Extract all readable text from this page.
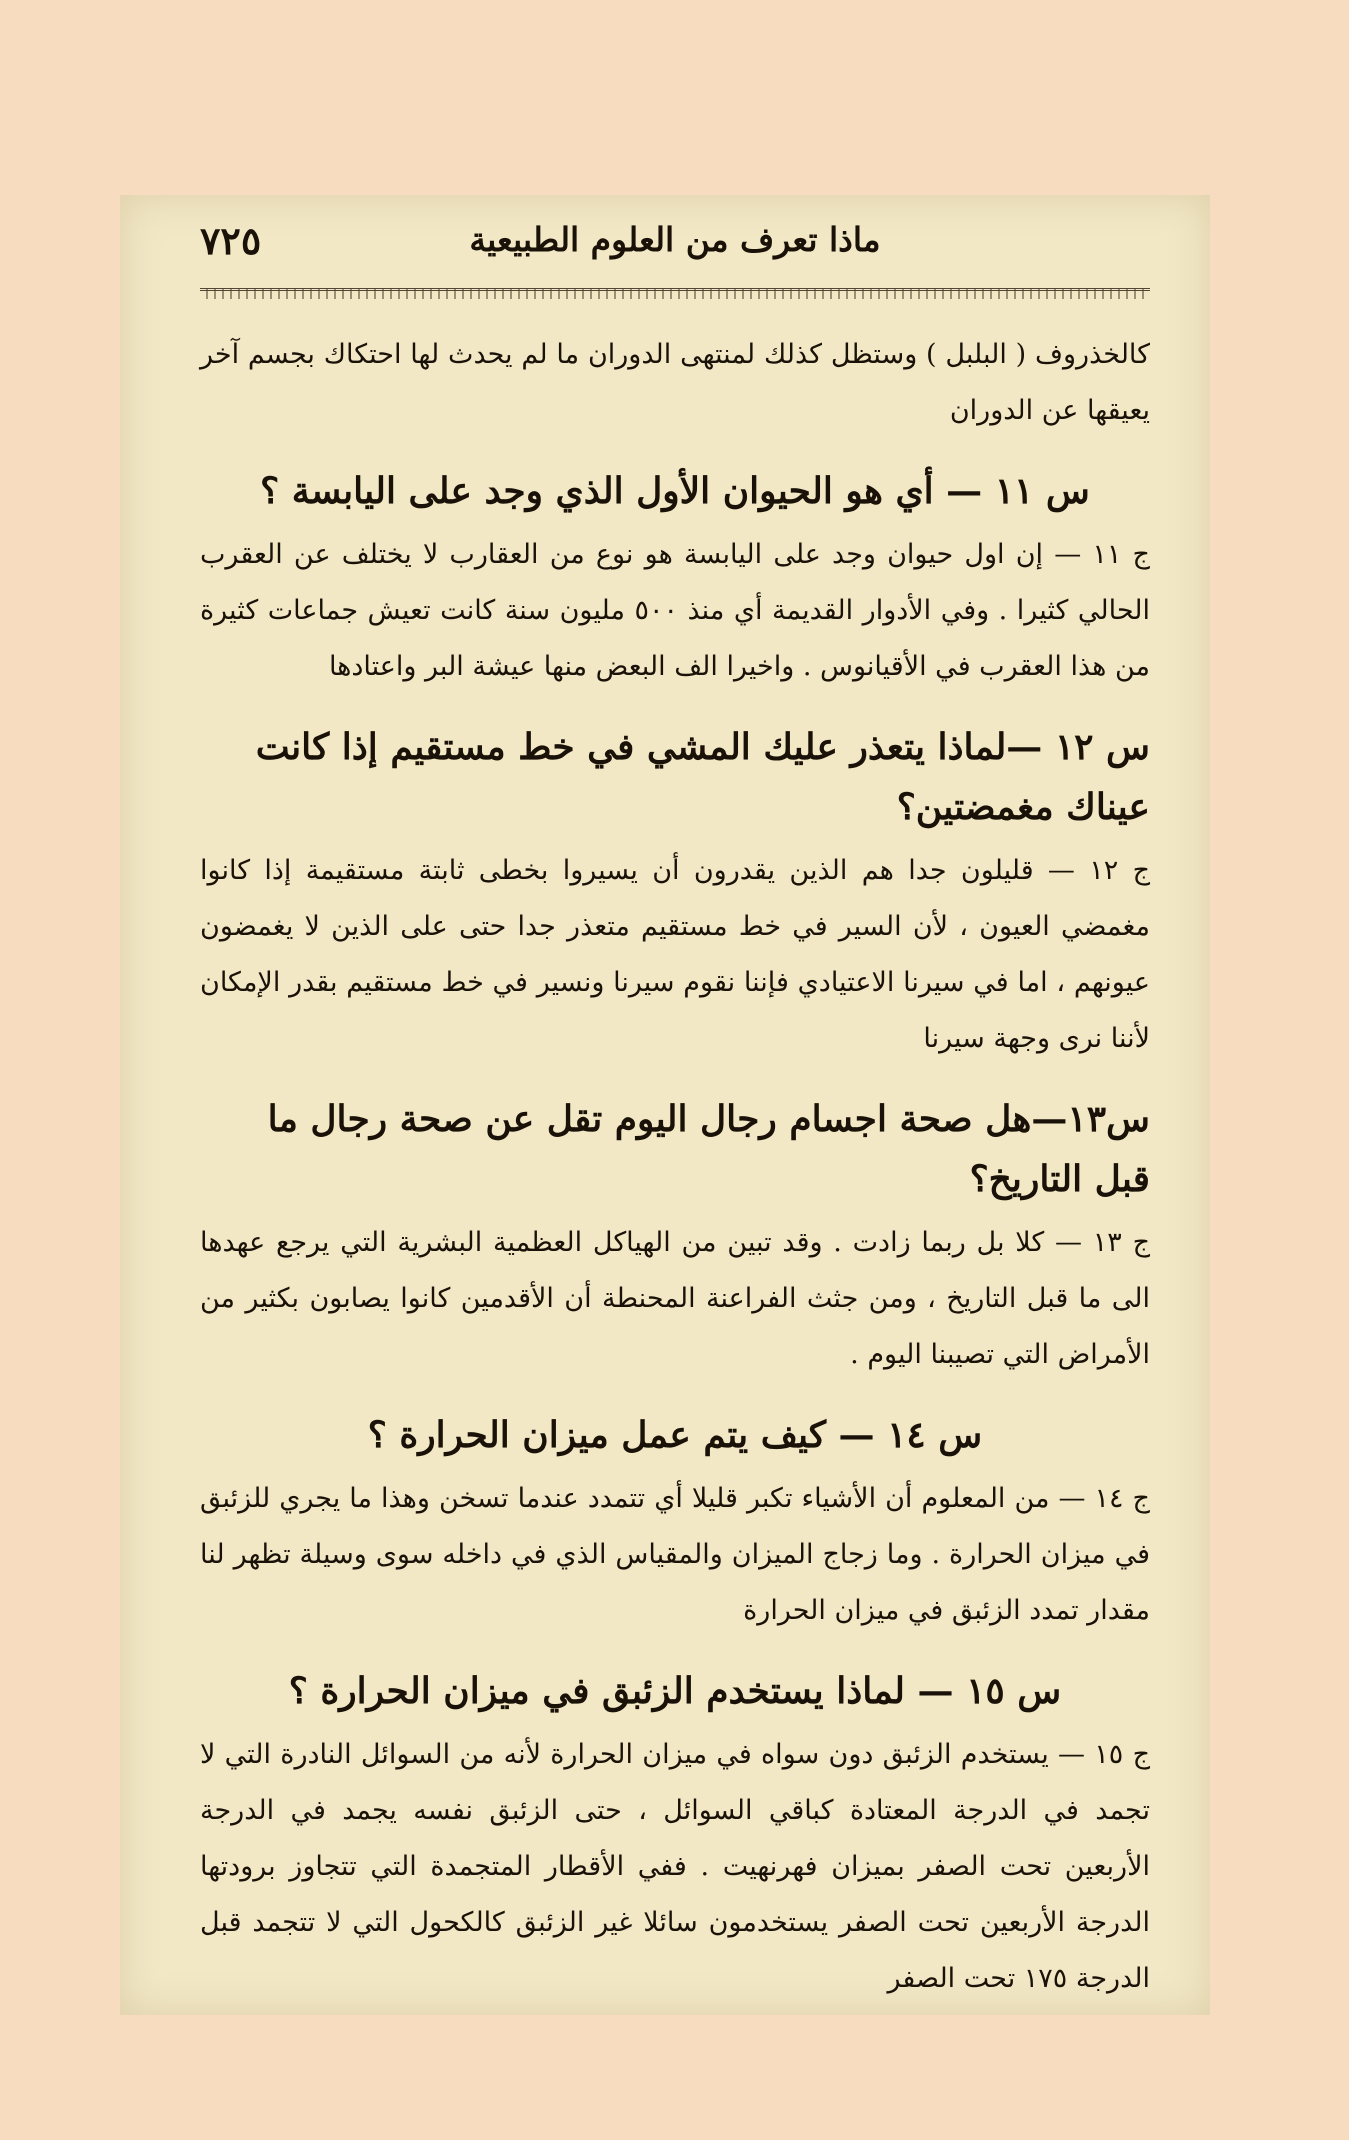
ماذا تعرف من العلوم الطبيعية
٧٢٥

كالخذروف ( البلبل ) وستظل كذلك لمنتهى الدوران ما لم يحدث لها احتكاك بجسم آخر يعيقها عن الدوران

س ١١ — أي هو الحيوان الأول الذي وجد على اليابسة ؟

ج ١١ — إن اول حيوان وجد على اليابسة هو نوع من العقارب لا يختلف عن العقرب الحالي كثيرا . وفي الأدوار القديمة أي منذ ٥٠٠ مليون سنة كانت تعيش جماعات كثيرة من هذا العقرب في الأقيانوس . واخيرا الف البعض منها عيشة البر واعتادها

س ١٢ —لماذا يتعذر عليك المشي في خط مستقيم إذا كانت عيناك مغمضتين؟

ج ١٢ — قليلون جدا هم الذين يقدرون أن يسيروا بخطى ثابتة مستقيمة إذا كانوا مغمضي العيون ، لأن السير في خط مستقيم متعذر جدا حتى على الذين لا يغمضون عيونهم ، اما في سيرنا الاعتيادي فإننا نقوم سيرنا ونسير في خط مستقيم بقدر الإمكان لأننا نرى وجهة سيرنا

س١٣—هل صحة اجسام رجال اليوم تقل عن صحة رجال ما قبل التاريخ؟

ج ١٣ — كلا بل ربما زادت . وقد تبين من الهياكل العظمية البشرية التي يرجع عهدها الى ما قبل التاريخ ، ومن جثث الفراعنة المحنطة أن الأقدمين كانوا يصابون بكثير من الأمراض التي تصيبنا اليوم .

س ١٤ — كيف يتم عمل ميزان الحرارة ؟

ج ١٤ — من المعلوم أن الأشياء تكبر قليلا أي تتمدد عندما تسخن وهذا ما يجري للزئبق في ميزان الحرارة . وما زجاج الميزان والمقياس الذي في داخله سوى وسيلة تظهر لنا مقدار تمدد الزئبق في ميزان الحرارة

س ١٥ — لماذا يستخدم الزئبق في ميزان الحرارة ؟

ج ١٥ — يستخدم الزئبق دون سواه في ميزان الحرارة لأنه من السوائل النادرة التي لا تجمد في الدرجة المعتادة كباقي السوائل ، حتى الزئبق نفسه يجمد في الدرجة الأربعين تحت الصفر بميزان فهرنهيت . ففي الأقطار المتجمدة التي تتجاوز برودتها الدرجة الأربعين تحت الصفر يستخدمون سائلا غير الزئبق كالكحول التي لا تتجمد قبل الدرجة ١٧٥ تحت الصفر
